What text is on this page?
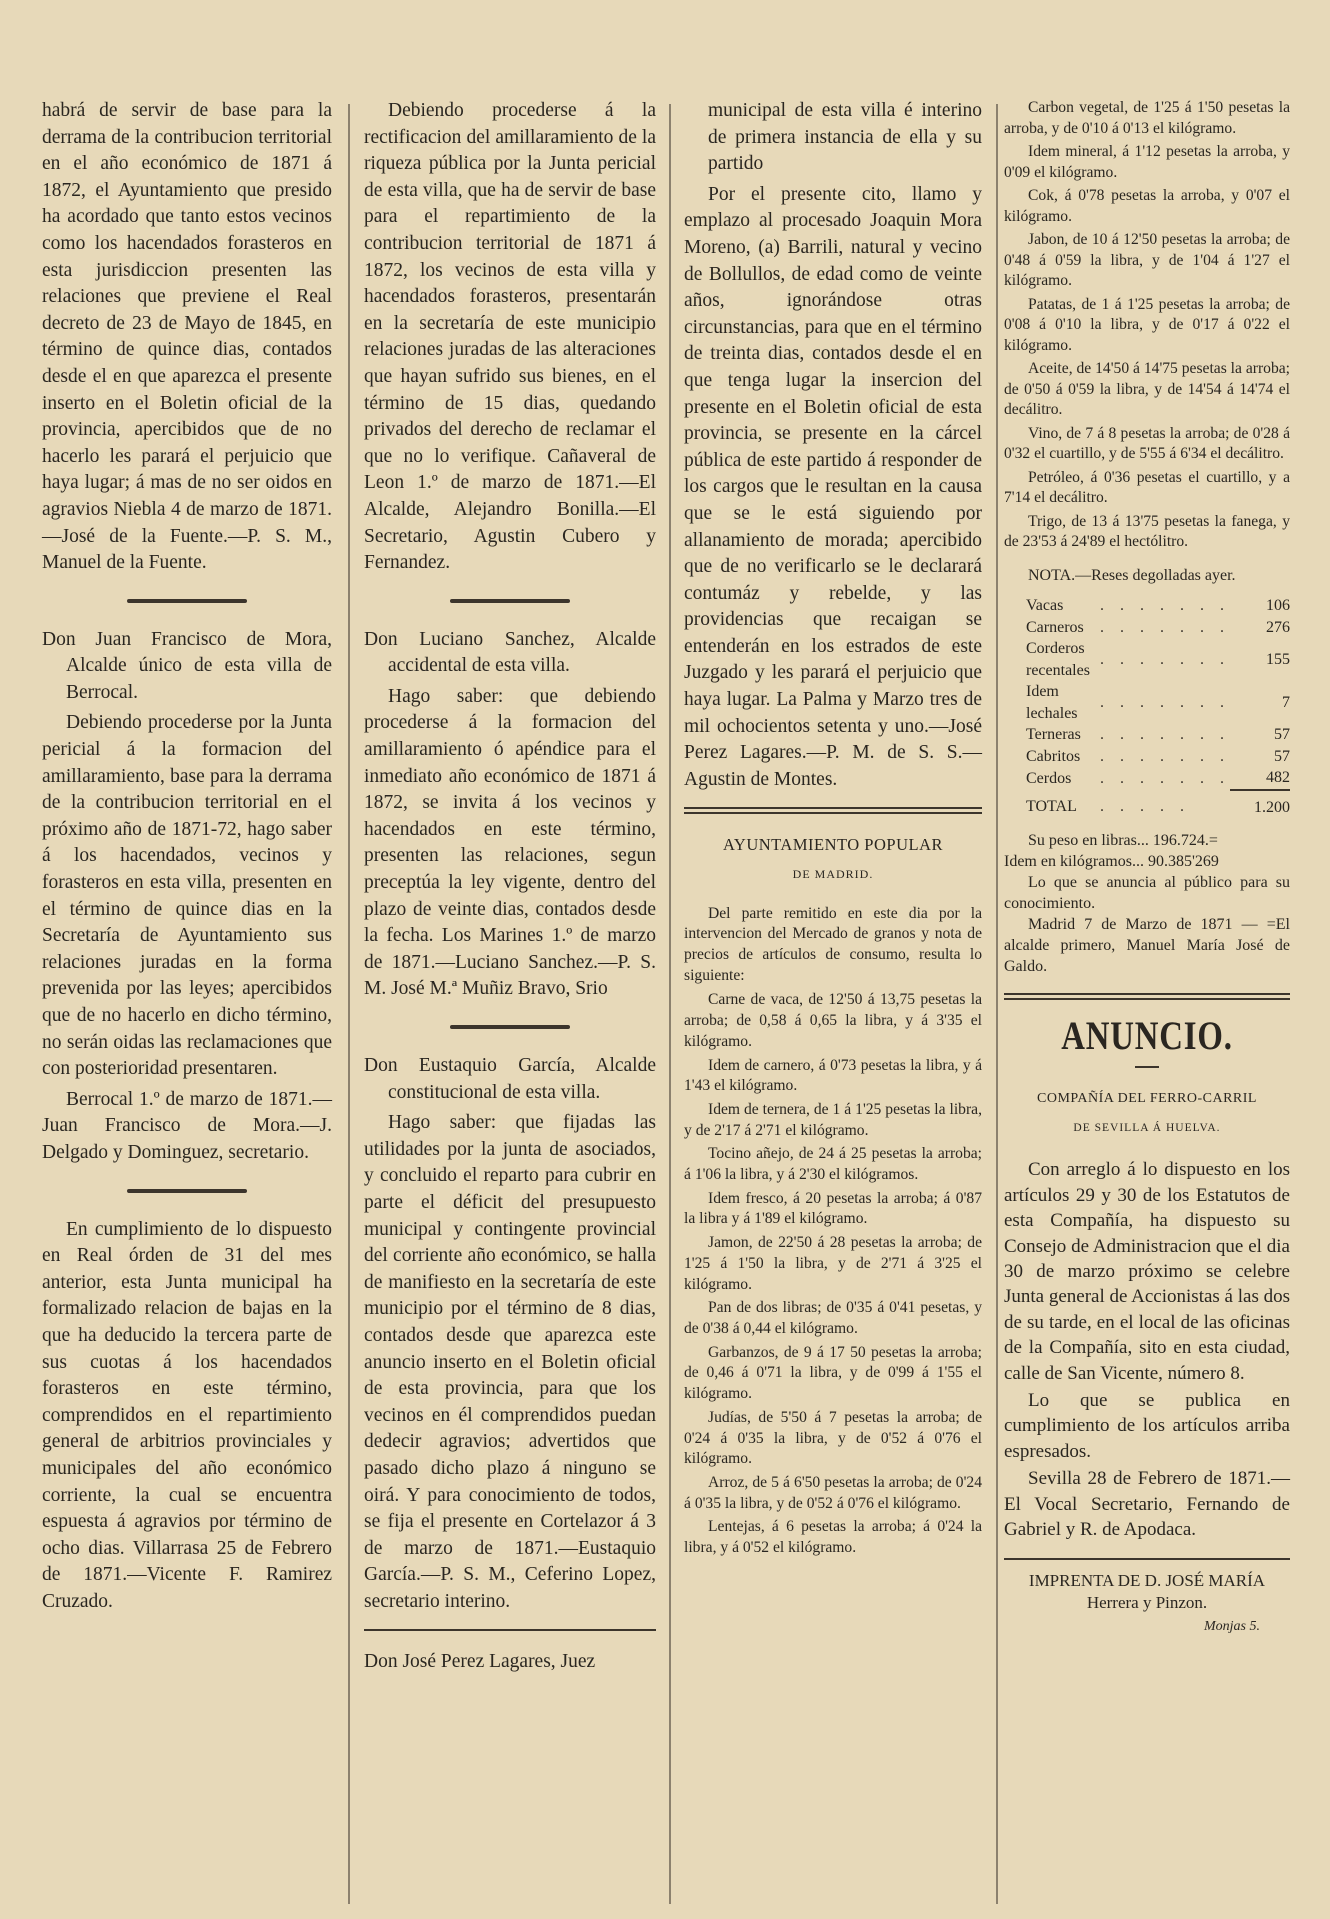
habrá de servir de base para la derrama de la contribucion territorial en el año económico de 1871 á 1872, el Ayuntamiento que presido ha acordado que tanto estos vecinos como los hacendados forasteros en esta jurisdiccion presenten las relaciones que previene el Real decreto de 23 de Mayo de 1845, en término de quince dias, contados desde el en que aparezca el presente inserto en el Boletin oficial de la provincia, apercibidos que de no hacerlo les parará el perjuicio que haya lugar; á mas de no ser oidos en agravios Niebla 4 de marzo de 1871.—José de la Fuente.—P. S. M., Manuel de la Fuente.

Don Juan Francisco de Mora, Alcalde único de esta villa de Berrocal.

Debiendo procederse por la Junta pericial á la formacion del amillaramiento, base para la derrama de la contribucion territorial en el próximo año de 1871-72, hago saber á los hacendados, vecinos y forasteros en esta villa, presenten en el término de quince dias en la Secretaría de Ayuntamiento sus relaciones juradas en la forma prevenida por las leyes; apercibidos que de no hacerlo en dicho término, no serán oidas las reclamaciones que con posterioridad presentaren.

Berrocal 1.º de marzo de 1871.—Juan Francisco de Mora.—J. Delgado y Dominguez, secretario.

En cumplimiento de lo dispuesto en Real órden de 31 del mes anterior, esta Junta municipal ha formalizado relacion de bajas en la que ha deducido la tercera parte de sus cuotas á los hacendados forasteros en este término, comprendidos en el repartimiento general de arbitrios provinciales y municipales del año económico corriente, la cual se encuentra espuesta á agravios por término de ocho dias. Villarrasa 25 de Febrero de 1871.—Vicente F. Ramirez Cruzado.

Debiendo procederse á la rectificacion del amillaramiento de la riqueza pública por la Junta pericial de esta villa, que ha de servir de base para el repartimiento de la contribucion territorial de 1871 á 1872, los vecinos de esta villa y hacendados forasteros, presentarán en la secretaría de este municipio relaciones juradas de las alteraciones que hayan sufrido sus bienes, en el término de 15 dias, quedando privados del derecho de reclamar el que no lo verifique. Cañaveral de Leon 1.º de marzo de 1871.—El Alcalde, Alejandro Bonilla.—El Secretario, Agustin Cubero y Fernandez.

Don Luciano Sanchez, Alcalde accidental de esta villa.

Hago saber: que debiendo procederse á la formacion del amillaramiento ó apéndice para el inmediato año económico de 1871 á 1872, se invita á los vecinos y hacendados en este término, presenten las relaciones, segun preceptúa la ley vigente, dentro del plazo de veinte dias, contados desde la fecha. Los Marines 1.º de marzo de 1871.—Luciano Sanchez.—P. S. M. José M.ª Muñiz Bravo, Srio

Don Eustaquio García, Alcalde constitucional de esta villa.

Hago saber: que fijadas las utilidades por la junta de asociados, y concluido el reparto para cubrir en parte el déficit del presupuesto municipal y contingente provincial del corriente año económico, se halla de manifiesto en la secretaría de este municipio por el término de 8 dias, contados desde que aparezca este anuncio inserto en el Boletin oficial de esta provincia, para que los vecinos en él comprendidos puedan dedecir agravios; advertidos que pasado dicho plazo á ninguno se oirá. Y para conocimiento de todos, se fija el presente en Cortelazor á 3 de marzo de 1871.—Eustaquio García.—P. S. M., Ceferino Lopez, secretario interino.

Don José Perez Lagares, Juez

municipal de esta villa é interino de primera instancia de ella y su partido

Por el presente cito, llamo y emplazo al procesado Joaquin Mora Moreno, (a) Barrili, natural y vecino de Bollullos, de edad como de veinte años, ignorándose otras circunstancias, para que en el término de treinta dias, contados desde el en que tenga lugar la insercion del presente en el Boletin oficial de esta provincia, se presente en la cárcel pública de este partido á responder de los cargos que le resultan en la causa que se le está siguiendo por allanamiento de morada; apercibido que de no verificarlo se le declarará contumáz y rebelde, y las providencias que recaigan se entenderán en los estrados de este Juzgado y les parará el perjuicio que haya lugar. La Palma y Marzo tres de mil ochocientos setenta y uno.—José Perez Lagares.—P. M. de S. S.—Agustin de Montes.

AYUNTAMIENTO POPULAR
DE MADRID.

Del parte remitido en este dia por la intervencion del Mercado de granos y nota de precios de artículos de consumo, resulta lo siguiente:

Carne de vaca, de 12'50 á 13,75 pesetas la arroba; de 0,58 á 0,65 la libra, y á 3'35 el kilógramo.

Idem de carnero, á 0'73 pesetas la libra, y á 1'43 el kilógramo.

Idem de ternera, de 1 á 1'25 pesetas la libra, y de 2'17 á 2'71 el kilógramo.

Tocino añejo, de 24 á 25 pesetas la arroba; á 1'06 la libra, y á 2'30 el kilógramos.

Idem fresco, á 20 pesetas la arroba; á 0'87 la libra y á 1'89 el kilógramo.

Jamon, de 22'50 á 28 pesetas la arroba; de 1'25 á 1'50 la libra, y de 2'71 á 3'25 el kilógramo.

Pan de dos libras; de 0'35 á 0'41 pesetas, y de 0'38 á 0,44 el kilógramo.

Garbanzos, de 9 á 17 50 pesetas la arroba; de 0,46 á 0'71 la libra, y de 0'99 á 1'55 el kilógramo.

Judías, de 5'50 á 7 pesetas la arroba; de 0'24 á 0'35 la libra, y de 0'52 á 0'76 el kilógramo.

Arroz, de 5 á 6'50 pesetas la arroba; de 0'24 á 0'35 la libra, y de 0'52 á 0'76 el kilógramo.

Lentejas, á 6 pesetas la arroba; á 0'24 la libra, y á 0'52 el kilógramo.

Carbon vegetal, de 1'25 á 1'50 pesetas la arroba, y de 0'10 á 0'13 el kilógramo.

Idem mineral, á 1'12 pesetas la arroba, y 0'09 el kilógramo.

Cok, á 0'78 pesetas la arroba, y 0'07 el kilógramo.

Jabon, de 10 á 12'50 pesetas la arroba; de 0'48 á 0'59 la libra, y de 1'04 á 1'27 el kilógramo.

Patatas, de 1 á 1'25 pesetas la arroba; de 0'08 á 0'10 la libra, y de 0'17 á 0'22 el kilógramo.

Aceite, de 14'50 á 14'75 pesetas la arroba; de 0'50 á 0'59 la libra, y de 14'54 á 14'74 el decálitro.

Vino, de 7 á 8 pesetas la arroba; de 0'28 á 0'32 el cuartillo, y de 5'55 á 6'34 el decálitro.

Petróleo, á 0'36 pesetas el cuartillo, y a 7'14 el decálitro.

Trigo, de 13 á 13'75 pesetas la fanega, y de 23'53 á 24'89 el hectólitro.

NOTA.—Reses degolladas ayer.

Vacas	. . . . . . .	106
Carneros	. . . . . . .	276
Corderos recentales	. . . . . . .	155
Idem lechales	. . . . . . .	7
Terneras	. . . . . . .	57
Cabritos	. . . . . . .	57
Cerdos	. . . . . . .	482
TOTAL	. . . . .	1.200

Su peso en libras... 196.724.=

Idem en kilógramos... 90.385'269

Lo que se anuncia al público para su conocimiento.

Madrid 7 de Marzo de 1871 — =El alcalde primero, Manuel María José de Galdo.

ANUNCIO.
COMPAÑÍA DEL FERRO-CARRIL
DE SEVILLA Á HUELVA.

Con arreglo á lo dispuesto en los artículos 29 y 30 de los Estatutos de esta Compañía, ha dispuesto su Consejo de Administracion que el dia 30 de marzo próximo se celebre Junta general de Accionistas á las dos de su tarde, en el local de las oficinas de la Compañía, sito en esta ciudad, calle de San Vicente, número 8.

Lo que se publica en cumplimiento de los artículos arriba espresados.

Sevilla 28 de Febrero de 1871.—El Vocal Secretario, Fernando de Gabriel y R. de Apodaca.

IMPRENTA DE D. JOSÉ MARÍA Herrera y Pinzon.
Monjas 5.
